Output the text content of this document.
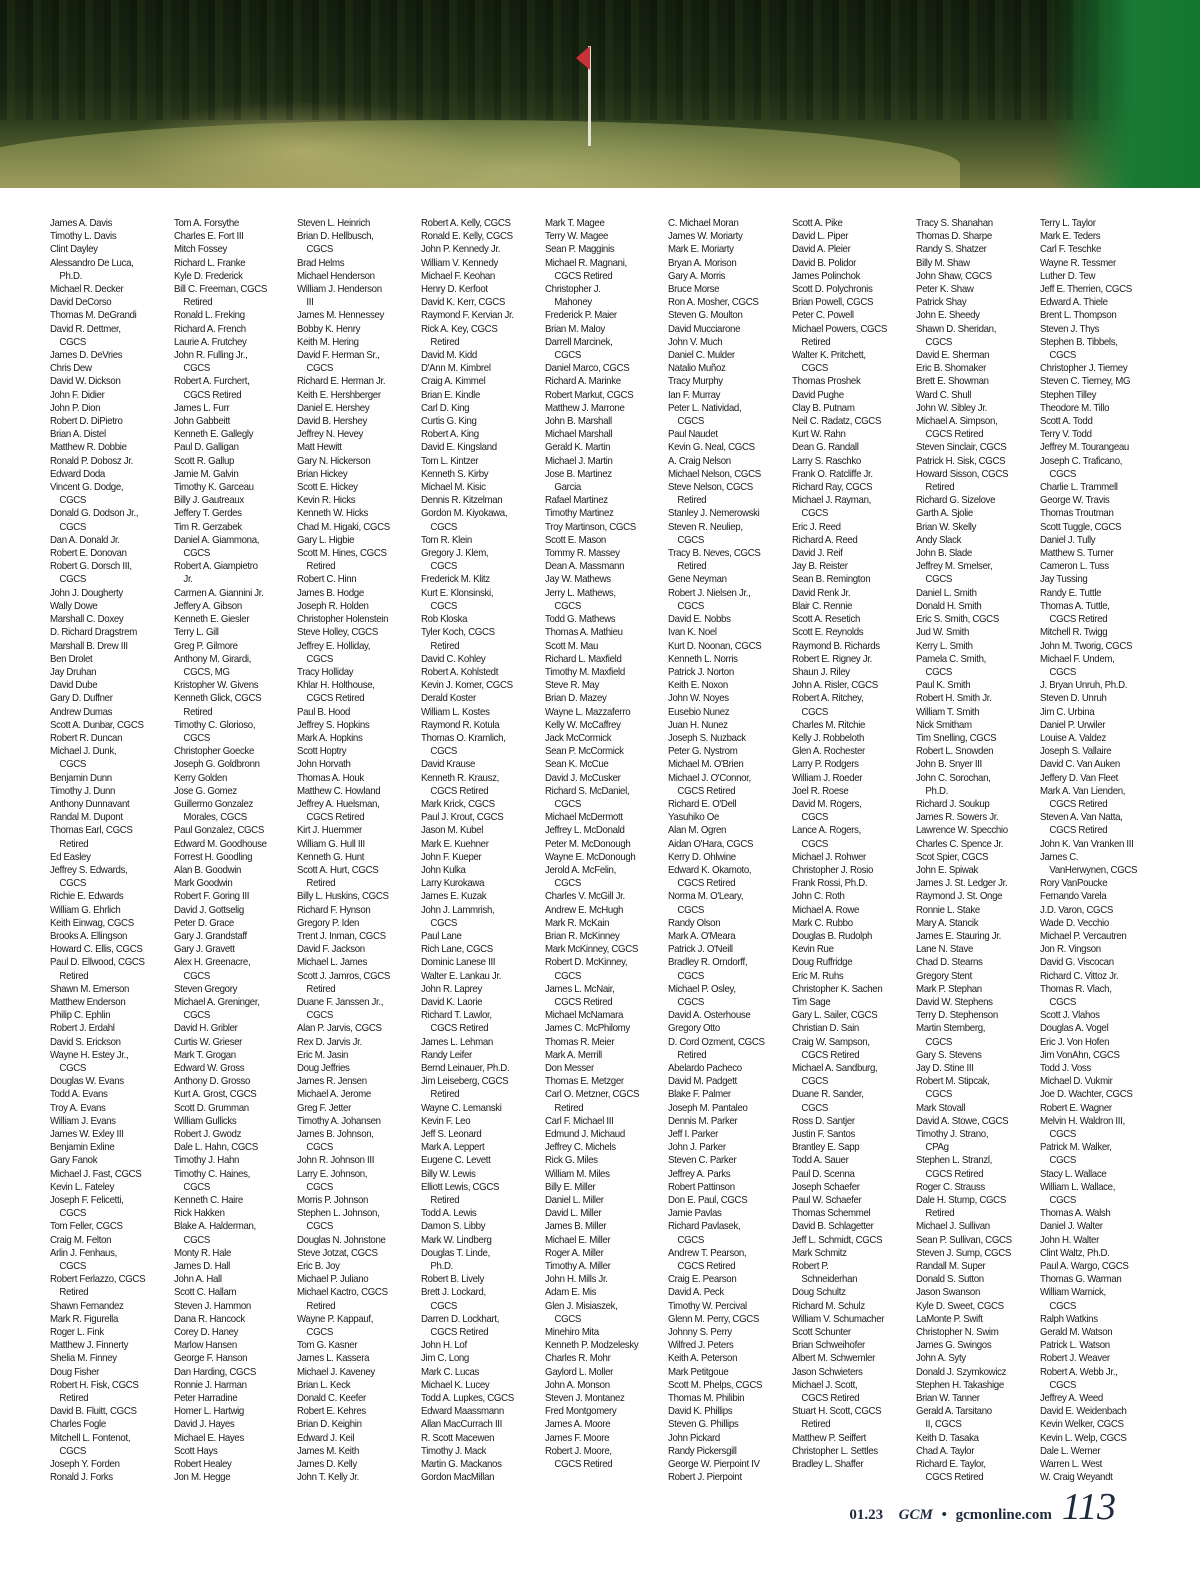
James A. Davis
Timothy L. Davis
Clint Dayley
Alessandro De Luca,
Ph.D.
Michael R. Decker
David DeCorso
Thomas M. DeGrandi
David R. Dettmer,
CGCS
James D. DeVries
Chris Dew
David W. Dickson
John F. Didier
John P. Dion
Robert D. DiPietro
Brian A. Distel
Matthew R. Dobbie
Ronald P. Dobosz Jr.
Edward Doda
Vincent G. Dodge,
CGCS
Donald G. Dodson Jr.,
CGCS
Dan A. Donald Jr.
Robert E. Donovan
Robert G. Dorsch III,
CGCS
John J. Dougherty
Wally Dowe
Marshall C. Doxey
D. Richard Dragstrem
Marshall B. Drew III
Ben Drolet
Jay Druhan
David Dube
Gary D. Duffner
Andrew Dumas
Scott A. Dunbar, CGCS
Robert R. Duncan
Michael J. Dunk,
CGCS
Benjamin Dunn
Timothy J. Dunn
Anthony Dunnavant
Randal M. Dupont
Thomas Earl, CGCS
Retired
Ed Easley
Jeffrey S. Edwards,
CGCS
Richie E. Edwards
William G. Ehrlich
Keith Einwag, CGCS
Brooks A. Ellingson
Howard C. Ellis, CGCS
Paul D. Ellwood, CGCS
Retired
Shawn M. Emerson
Matthew Enderson
Philip C. Ephlin
Robert J. Erdahl
David S. Erickson
Wayne H. Estey Jr.,
CGCS
Douglas W. Evans
Todd A. Evans
Troy A. Evans
William J. Evans
James W. Exley III
Benjamin Exline
Gary Fanok
Michael J. Fast, CGCS
Kevin L. Fateley
Joseph F. Felicetti,
CGCS
Tom Feller, CGCS
Craig M. Felton
Arlin J. Fenhaus,
CGCS
Robert Ferlazzo, CGCS
Retired
Shawn Fernandez
Mark R. Figurella
Roger L. Fink
Matthew J. Finnerty
Shelia M. Finney
Doug Fisher
Robert H. Fisk, CGCS
Retired
David B. Fluitt, CGCS
Charles Fogle
Mitchell L. Fontenot,
CGCS
Joseph Y. Forden
Ronald J. Forks
Tom A. Forsythe
Charles E. Fort III
Mitch Fossey
Richard L. Franke
Kyle D. Frederick
Bill C. Freeman, CGCS
Retired
Ronald L. Freking
Richard A. French
Laurie A. Frutchey
John R. Fulling Jr.,
CGCS
Robert A. Furchert,
CGCS Retired
James L. Furr
John Gabbeitt
Kenneth E. Gallegly
Paul D. Galligan
Scott R. Gallup
Jamie M. Galvin
Timothy K. Garceau
Billy J. Gautreaux
Jeffery T. Gerdes
Tim R. Gerzabek
Daniel A. Giammona,
CGCS
Robert A. Giampietro
Jr.
Carmen A. Giannini Jr.
Jeffery A. Gibson
Kenneth E. Giesler
Terry L. Gill
Greg P. Gilmore
Anthony M. Girardi,
CGCS, MG
Kristopher W. Givens
Kenneth Glick, CGCS
Retired
Timothy C. Glorioso,
CGCS
Christopher Goecke
Joseph G. Goldbronn
Kerry Golden
Jose G. Gomez
Guillermo Gonzalez
Morales, CGCS
Paul Gonzalez, CGCS
Edward M. Goodhouse
Forrest H. Goodling
Alan B. Goodwin
Mark Goodwin
Robert F. Goring III
David J. Gottselig
Peter D. Grace
Gary J. Grandstaff
Gary J. Gravett
Alex H. Greenacre,
CGCS
Steven Gregory
Michael A. Greninger,
CGCS
David H. Gribler
Curtis W. Grieser
Mark T. Grogan
Edward W. Gross
Anthony D. Grosso
Kurt A. Grost, CGCS
Scott D. Grumman
William Gullicks
Robert J. Gwodz
Dale L. Hahn, CGCS
Timothy J. Hahn
Timothy C. Haines,
CGCS
Kenneth C. Haire
Rick Hakken
Blake A. Halderman,
CGCS
Monty R. Hale
James D. Hall
John A. Hall
Scott C. Hallam
Steven J. Hammon
Dana R. Hancock
Corey D. Haney
Marlow Hansen
George F. Hanson
Dan Harding, CGCS
Ronnie J. Harman
Peter Harradine
Homer L. Hartwig
David J. Hayes
Michael E. Hayes
Scott Hays
Robert Healey
Jon M. Hegge
Steven L. Heinrich
Brian D. Hellbusch,
CGCS
Brad Helms
Michael Henderson
William J. Henderson
III
James M. Hennessey
Bobby K. Henry
Keith M. Hering
David F. Herman Sr.,
CGCS
Richard E. Herman Jr.
Keith E. Hershberger
Daniel E. Hershey
David B. Hershey
Jeffrey N. Hevey
Matt Hewitt
Gary N. Hickerson
Brian Hickey
Scott E. Hickey
Kevin R. Hicks
Kenneth W. Hicks
Chad M. Higaki, CGCS
Gary L. Higbie
Scott M. Hines, CGCS
Retired
Robert C. Hinn
James B. Hodge
Joseph R. Holden
Christopher Holenstein
Steve Holley, CGCS
Jeffrey E. Holliday,
CGCS
Tracy Holliday
Khlar H. Holthouse,
CGCS Retired
Paul B. Hood
Jeffrey S. Hopkins
Mark A. Hopkins
Scott Hoptry
John Horvath
Thomas A. Houk
Matthew C. Howland
Jeffrey A. Huelsman,
CGCS Retired
Kirt J. Huemmer
William G. Hull III
Kenneth G. Hunt
Scott A. Hurt, CGCS
Retired
Billy L. Huskins, CGCS
Richard F. Hynson
Gregory P. Iden
Trent J. Inman, CGCS
David F. Jackson
Michael L. James
Scott J. Jamros, CGCS
Retired
Duane F. Janssen Jr.,
CGCS
Alan P. Jarvis, CGCS
Rex D. Jarvis Jr.
Eric M. Jasin
Doug Jeffries
James R. Jensen
Michael A. Jerome
Greg F. Jetter
Timothy A. Johansen
James B. Johnson,
CGCS
John R. Johnson III
Larry E. Johnson,
CGCS
Morris P. Johnson
Stephen L. Johnson,
CGCS
Douglas N. Johnstone
Steve Jotzat, CGCS
Eric B. Joy
Michael P. Juliano
Michael Kactro, CGCS
Retired
Wayne P. Kappauf,
CGCS
Tom G. Kasner
James L. Kassera
Michael J. Kaveney
Brian L. Keck
Donald C. Keefer
Robert E. Kehres
Brian D. Keighin
Edward J. Keil
James M. Keith
James D. Kelly
John T. Kelly Jr.
Robert A. Kelly, CGCS
Ronald E. Kelly, CGCS
John P. Kennedy Jr.
William V. Kennedy
Michael F. Keohan
Henry D. Kerfoot
David K. Kerr, CGCS
Raymond F. Kervian Jr.
Rick A. Key, CGCS
Retired
David M. Kidd
D'Ann M. Kimbrel
Craig A. Kimmel
Brian E. Kindle
Carl D. King
Curtis G. King
Robert A. King
David E. Kingsland
Tom L. Kintzer
Kenneth S. Kirby
Michael M. Kisic
Dennis R. Kitzelman
Gordon M. Kiyokawa,
CGCS
Tom R. Klein
Gregory J. Klem,
CGCS
Frederick M. Klitz
Kurt E. Klonsinski,
CGCS
Rob Kloska
Tyler Koch, CGCS
Retired
David C. Kohley
Robert A. Kohlstedt
Kevin J. Komer, CGCS
Derald Koster
William L. Kostes
Raymond R. Kotula
Thomas O. Kramlich,
CGCS
David Krause
Kenneth R. Krausz,
CGCS Retired
Mark Krick, CGCS
Paul J. Krout, CGCS
Jason M. Kubel
Mark E. Kuehner
John F. Kueper
John Kulka
Larry Kurokawa
James E. Kuzak
John J. Lammrish,
CGCS
Paul Lane
Rich Lane, CGCS
Dominic Lanese III
Walter E. Lankau Jr.
John R. Laprey
David K. Laorie
Richard T. Lawlor,
CGCS Retired
James L. Lehman
Randy Leifer
Bernd Leinauer, Ph.D.
Jim Leiseberg, CGCS
Retired
Wayne C. Lemanski
Kevin F. Leo
Jeff S. Leonard
Mark A. Leppert
Eugene C. Levett
Billy W. Lewis
Elliott Lewis, CGCS
Retired
Todd A. Lewis
Damon S. Libby
Mark W. Lindberg
Douglas T. Linde,
Ph.D.
Robert B. Lively
Brett J. Lockard,
CGCS
Darren D. Lockhart,
CGCS Retired
John H. Lof
Jim C. Long
Mark C. Lucas
Michael K. Lucey
Todd A. Lupkes, CGCS
Edward Maassmann
Allan MacCurrach III
R. Scott Macewen
Timothy J. Mack
Martin G. Mackanos
Gordon MacMillan
Mark T. Magee
Terry W. Magee
Sean P. Magginis
Michael R. Magnani,
CGCS Retired
Christopher J.
Mahoney
Frederick P. Maier
Brian M. Maloy
Darrell Marcinek,
CGCS
Daniel Marco, CGCS
Richard A. Marinke
Robert Markut, CGCS
Matthew J. Marrone
John B. Marshall
Michael Marshall
Gerald K. Martin
Michael J. Martin
Jose B. Martinez
Garcia
Rafael Martinez
Timothy Martinez
Troy Martinson, CGCS
Scott E. Mason
Tommy R. Massey
Dean A. Massmann
Jay W. Mathews
Jerry L. Mathews,
CGCS
Todd G. Mathews
Thomas A. Mathieu
Scott M. Mau
Richard L. Maxfield
Timothy M. Maxfield
Steve R. May
Brian D. Mazey
Wayne L. Mazzaferro
Kelly W. McCaffrey
Jack McCormick
Sean P. McCormick
Sean K. McCue
David J. McCusker
Richard S. McDaniel,
CGCS
Michael McDermott
Jeffrey L. McDonald
Peter M. McDonough
Wayne E. McDonough
Jerold A. McFelin,
CGCS
Charles V. McGill Jr.
Andrew E. McHugh
Mark R. McKain
Brian R. McKinney
Mark McKinney, CGCS
Robert D. McKinney,
CGCS
James L. McNair,
CGCS Retired
Michael McNamara
James C. McPhilomy
Thomas R. Meier
Mark A. Merrill
Don Messer
Thomas E. Metzger
Carl O. Metzner, CGCS
Retired
Carl F. Michael III
Edmund J. Michaud
Jeffrey C. Michels
Rick G. Miles
William M. Miles
Billy E. Miller
Daniel L. Miller
David L. Miller
James B. Miller
Michael E. Miller
Roger A. Miller
Timothy A. Miller
John H. Mills Jr.
Adam E. Mis
Glen J. Misiaszek,
CGCS
Minehiro Mita
Kenneth P. Modzelesky
Charles R. Mohr
Gaylord L. Moller
John A. Monson
Steven J. Montanez
Fred Montgomery
James A. Moore
James F. Moore
Robert J. Moore,
CGCS Retired
C. Michael Moran
James W. Moriarty
Mark E. Moriarty
Bryan A. Morison
Gary A. Morris
Bruce Morse
Ron A. Mosher, CGCS
Steven G. Moulton
David Mucciarone
John V. Much
Daniel C. Mulder
Natalio Muñoz
Tracy Murphy
Ian F. Murray
Peter L. Natividad,
CGCS
Paul Naudet
Kevin G. Neal, CGCS
A. Craig Nelson
Michael Nelson, CGCS
Steve Nelson, CGCS
Retired
Stanley J. Nemerowski
Steven R. Neuliep,
CGCS
Tracy B. Neves, CGCS
Retired
Gene Neyman
Robert J. Nielsen Jr.,
CGCS
David E. Nobbs
Ivan K. Noel
Kurt D. Noonan, CGCS
Kenneth L. Norris
Patrick J. Norton
Keith E. Noxon
John W. Noyes
Eusebio Nunez
Juan H. Nunez
Joseph S. Nuzback
Peter G. Nystrom
Michael M. O'Brien
Michael J. O'Connor,
CGCS Retired
Richard E. O'Dell
Yasuhiko Oe
Alan M. Ogren
Aidan O'Hara, CGCS
Kerry D. Ohlwine
Edward K. Okamoto,
CGCS Retired
Norma M. O'Leary,
CGCS
Randy Olson
Mark A. O'Meara
Patrick J. O'Neill
Bradley R. Orndorff,
CGCS
Michael P. Osley,
CGCS
David A. Osterhouse
Gregory Otto
D. Cord Ozment, CGCS
Retired
Abelardo Pacheco
David M. Padgett
Blake F. Palmer
Joseph M. Pantaleo
Dennis M. Parker
Jeff I. Parker
John J. Parker
Steven C. Parker
Jeffrey A. Parks
Robert Pattinson
Don E. Paul, CGCS
Jamie Pavlas
Richard Pavlasek,
CGCS
Andrew T. Pearson,
CGCS Retired
Craig E. Pearson
David A. Peck
Timothy W. Percival
Glenn M. Perry, CGCS
Johnny S. Perry
Wilfred J. Peters
Keith A. Peterson
Mark Petitgoue
Scott M. Phelps, CGCS
Thomas M. Philibin
David K. Phillips
Steven G. Phillips
John Pickard
Randy Pickersgill
George W. Pierpoint IV
Robert J. Pierpoint
Scott A. Pike
David L. Piper
David A. Pleier
David B. Polidor
James Polinchok
Scott D. Polychronis
Brian Powell, CGCS
Peter C. Powell
Michael Powers, CGCS
Retired
Walter K. Pritchett,
CGCS
Thomas Proshek
David Pughe
Clay B. Putnam
Neil C. Radatz, CGCS
Kurt W. Rahn
Dean G. Randall
Larry S. Raschko
Frank O. Ratcliffe Jr.
Richard Ray, CGCS
Michael J. Rayman,
CGCS
Eric J. Reed
Richard A. Reed
David J. Reif
Jay B. Reister
Sean B. Remington
David Renk Jr.
Blair C. Rennie
Scott A. Resetich
Scott E. Reynolds
Raymond B. Richards
Robert E. Rigney Jr.
Shaun J. Riley
John A. Risler, CGCS
Robert A. Ritchey,
CGCS
Charles M. Ritchie
Kelly J. Robbeloth
Glen A. Rochester
Larry P. Rodgers
William J. Roeder
Joel R. Roese
David M. Rogers,
CGCS
Lance A. Rogers,
CGCS
Michael J. Rohwer
Christopher J. Rosio
Frank Rossi, Ph.D.
John C. Roth
Michael A. Rowe
Mark C. Rubbo
Douglas B. Rudolph
Kevin Rue
Doug Ruffridge
Eric M. Ruhs
Christopher K. Sachen
Tim Sage
Gary L. Sailer, CGCS
Christian D. Sain
Craig W. Sampson,
CGCS Retired
Michael A. Sandburg,
CGCS
Duane R. Sander,
CGCS
Ross D. Santjer
Justin F. Santos
Brantley E. Sapp
Todd A. Sauer
Paul D. Scenna
Joseph Schaefer
Paul W. Schaefer
Thomas Schemmel
David B. Schlagetter
Jeff L. Schmidt, CGCS
Mark Schmitz
Robert P.
Schneiderhan
Doug Schultz
Richard M. Schulz
William V. Schumacher
Scott Schunter
Brian Schweihofer
Albert M. Schwemler
Jason Schwieters
Michael J. Scott,
CGCS Retired
Stuart H. Scott, CGCS
Retired
Matthew P. Seiffert
Christopher L. Settles
Bradley L. Shaffer
Tracy S. Shanahan
Thomas D. Sharpe
Randy S. Shatzer
Billy M. Shaw
John Shaw, CGCS
Peter K. Shaw
Patrick Shay
John E. Sheedy
Shawn D. Sheridan,
CGCS
David E. Sherman
Eric B. Shomaker
Brett E. Showman
Ward C. Shull
John W. Sibley Jr.
Michael A. Simpson,
CGCS Retired
Steven Sinclair, CGCS
Patrick H. Sisk, CGCS
Howard Sisson, CGCS
Retired
Richard G. Sizelove
Garth A. Sjolie
Brian W. Skelly
Andy Slack
John B. Slade
Jeffrey M. Smelser,
CGCS
Daniel L. Smith
Donald H. Smith
Eric S. Smith, CGCS
Jud W. Smith
Kerry L. Smith
Pamela C. Smith,
CGCS
Paul K. Smith
Robert H. Smith Jr.
William T. Smith
Nick Smitham
Tim Snelling, CGCS
Robert L. Snowden
John B. Snyer III
John C. Sorochan,
Ph.D.
Richard J. Soukup
James R. Sowers Jr.
Lawrence W. Specchio
Charles C. Spence Jr.
Scot Spier, CGCS
John E. Spiwak
James J. St. Ledger Jr.
Raymond J. St. Onge
Ronnie L. Stake
Mary A. Stancik
James E. Stauring Jr.
Lane N. Stave
Chad D. Stearns
Gregory Stent
Mark P. Stephan
David W. Stephens
Terry D. Stephenson
Martin Sternberg,
CGCS
Gary S. Stevens
Jay D. Stine III
Robert M. Stipcak,
CGCS
Mark Stovall
David A. Stowe, CGCS
Timothy J. Strano,
CPAg
Stephen L. Stranzl,
CGCS Retired
Roger C. Strauss
Dale H. Stump, CGCS
Retired
Michael J. Sullivan
Sean P. Sullivan, CGCS
Steven J. Sump, CGCS
Randall M. Super
Donald S. Sutton
Jason Swanson
Kyle D. Sweet, CGCS
LaMonte P. Swift
Christopher N. Swim
James G. Swingos
John A. Syty
Donald J. Szymkowicz
Stephen H. Takashige
Brian W. Tanner
Gerald A. Tarsitano
II, CGCS
Keith D. Tasaka
Chad A. Taylor
Richard E. Taylor,
CGCS Retired
Terry L. Taylor
Mark E. Teders
Carl F. Teschke
Wayne R. Tessmer
Luther D. Tew
Jeff E. Therrien, CGCS
Edward A. Thiele
Brent L. Thompson
Steven J. Thys
Stephen B. Tibbels,
CGCS
Christopher J. Tierney
Steven C. Tierney, MG
Stephen Tilley
Theodore M. Tillo
Scott A. Todd
Terry V. Todd
Jeffrey M. Tourangeau
Joseph C. Traficano,
CGCS
Charlie L. Trammell
George W. Travis
Thomas Troutman
Scott Tuggle, CGCS
Daniel J. Tully
Matthew S. Turner
Cameron L. Tuss
Jay Tussing
Randy E. Tuttle
Thomas A. Tuttle,
CGCS Retired
Mitchell R. Twigg
John M. Tworig, CGCS
Michael F. Undem,
CGCS
J. Bryan Unruh, Ph.D.
Steven D. Unruh
Jim C. Urbina
Daniel P. Urwiler
Louise A. Valdez
Joseph S. Vallaire
David C. Van Auken
Jeffery D. Van Fleet
Mark A. Van Lienden,
CGCS Retired
Steven A. Van Natta,
CGCS Retired
John K. Van Vranken III
James C.
VanHerwynen, CGCS
Rory VanPoucke
Fernando Varela
J.D. Varon, CGCS
Wade D. Vecchio
Michael P. Vercautren
Jon R. Vingson
David G. Viscocan
Richard C. Vittoz Jr.
Thomas R. Vlach,
CGCS
Scott J. Vlahos
Douglas A. Vogel
Eric J. Von Hofen
Jim VonAhn, CGCS
Todd J. Voss
Michael D. Vukmir
Joe D. Wachter, CGCS
Robert E. Wagner
Melvin H. Waldron III,
CGCS
Patrick M. Walker,
CGCS
Stacy L. Wallace
William L. Wallace,
CGCS
Thomas A. Walsh
Daniel J. Walter
John H. Walter
Clint Waltz, Ph.D.
Paul A. Wargo, CGCS
Thomas G. Warman
William Warnick,
CGCS
Ralph Watkins
Gerald M. Watson
Patrick L. Watson
Robert J. Weaver
Robert A. Webb Jr.,
CGCS
Jeffrey A. Weed
David E. Weidenbach
Kevin Welker, CGCS
Kevin L. Welp, CGCS
Dale L. Werner
Warren L. West
W. Craig Weyandt
01.23 GCM • gcmonline.com 113
